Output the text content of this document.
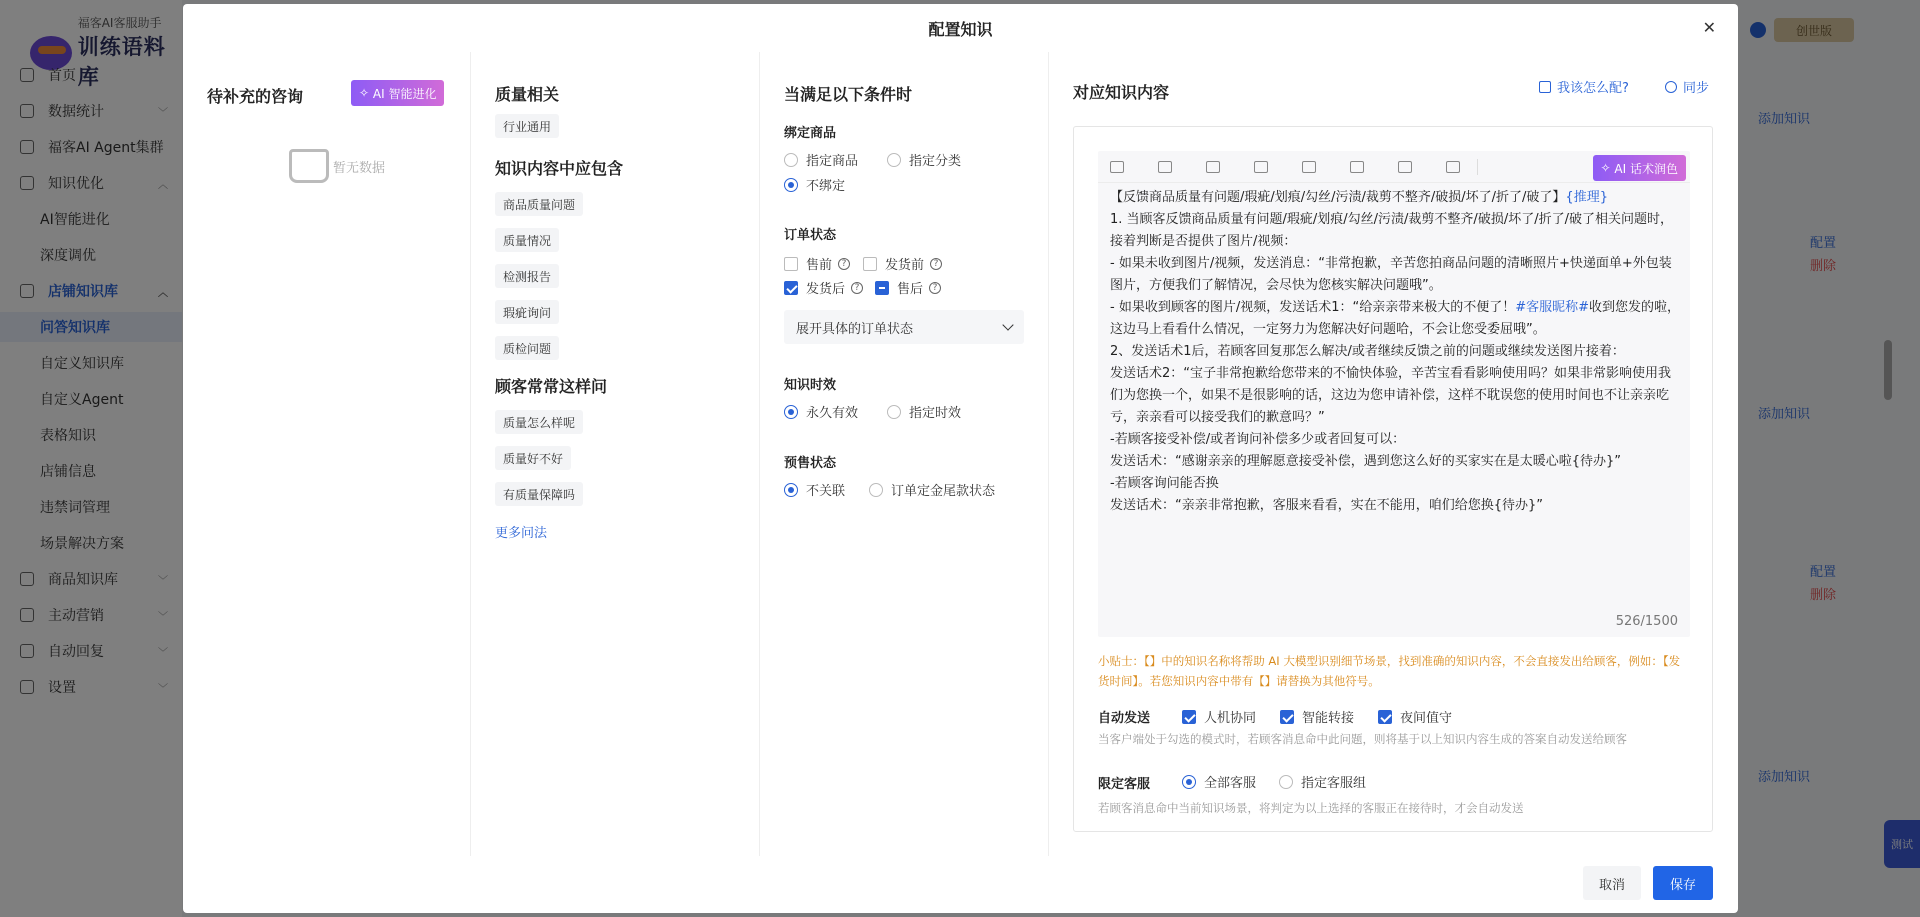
配置知识	✕
待补充的咨询	✧ AI 智能进化
暂无数据
质量相关
行业通用
知识内容中应包含
商品质量问题
质量情况
检测报告
瑕疵询问
质检问题
顾客常常这样问
质量怎么样呢
质量好不好
有质量保障吗
更多问法
当满足以下条件时
绑定商品
指定商品	指定分类
不绑定
订单状态
售前	?	发货前	?
发货后	?	售后	?
展开具体的订单状态
知识时效
永久有效	指定时效
预售状态
不关联	订单定金尾款状态
对应知识内容	我该怎么配?	同步
✧ AI 话术润色
【反馈商品质量有问题/瑕疵/划痕/勾丝/污渍/裁剪不整齐/破损/坏了/折了/破了】{推理}
1. 当顾客反馈商品质量有问题/瑕疵/划痕/勾丝/污渍/裁剪不整齐/破损/坏了/折了/破了相关问题时，接着判断是否提供了图片/视频：
- 如果未收到图片/视频，发送消息：“非常抱歉，辛苦您拍商品问题的清晰照片+快递面单+外包装图片，方便我们了解情况，会尽快为您核实解决问题哦”。
- 如果收到顾客的图片/视频，发送话术1：“给亲亲带来极大的不便了！#客服昵称#收到您发的啦，这边马上看看什么情况，一定努力为您解决好问题哈，不会让您受委屈哦”。
2、发送话术1后，若顾客回复那怎么解决/或者继续反馈之前的问题或继续发送图片接着：
发送话术2：“宝子非常抱歉给您带来的不愉快体验，辛苦宝看看影响使用吗？如果非常影响使用我们为您换一个，如果不是很影响的话，这边为您申请补偿，这样不耽误您的使用时间也不让亲亲吃亏，亲亲看可以接受我们的歉意吗？”
-若顾客接受补偿/或者询问补偿多少或者回复可以：
发送话术：“感谢亲亲的理解愿意接受补偿，遇到您这么好的买家实在是太暖心啦{待办}”
-若顾客询问能否换
发送话术：“亲亲非常抱歉，客服来看看，实在不能用，咱们给您换{待办}”
526/1500
小贴士：【】中的知识名称将帮助 AI 大模型识别细节场景，找到准确的知识内容，不会直接发出给顾客，例如：【发货时间】。若您知识内容中带有【】请替换为其他符号。
自动发送	人机协同	智能转接	夜间值守
当客户端处于勾选的模式时，若顾客消息命中此问题，则将基于以上知识内容生成的答案自动发送给顾客
限定客服	全部客服	指定客服组
若顾客消息命中当前知识场景，将判定为以上选择的客服正在接待时，才会自动发送
取消	保存
